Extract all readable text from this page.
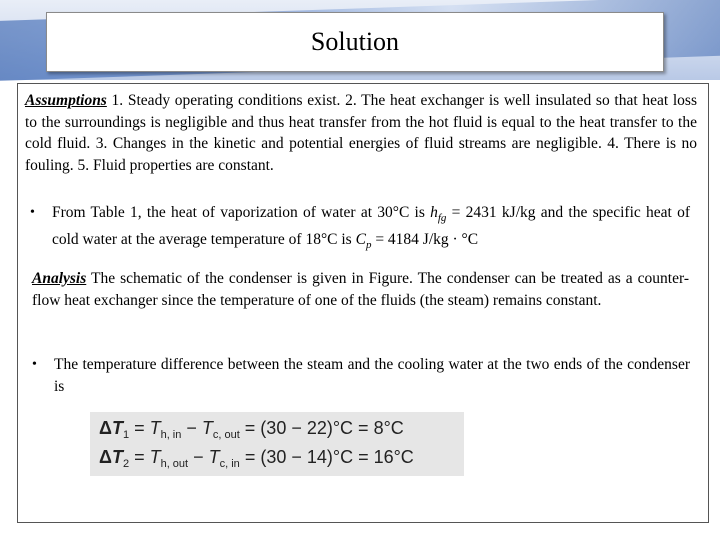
Solution
Assumptions 1. Steady operating conditions exist. 2. The heat exchanger is well insulated so that heat loss to the surroundings is negligible and thus heat transfer from the hot fluid is equal to the heat transfer to the cold fluid. 3. Changes in the kinetic and potential energies of fluid streams are negligible. 4. There is no fouling. 5. Fluid properties are constant.
• From Table 1, the heat of vaporization of water at 30°C is $h_{fg} = 2431$ kJ/kg and the specific heat of cold water at the average temperature of 18°C is $C_p = 4184$ J/kg · °C
Analysis The schematic of the condenser is given in Figure. The condenser can be treated as a counter-flow heat exchanger since the temperature of one of the fluids (the steam) remains constant.
• The temperature difference between the steam and the cooling water at the two ends of the condenser is
$\Delta T_1 = T_{h, in} - T_{c, out} = (30 - 22)^\circ C = 8^\circ C$
$\Delta T_2 = T_{h, out} - T_{c, in} = (30 - 14)^\circ C = 16^\circ C$
